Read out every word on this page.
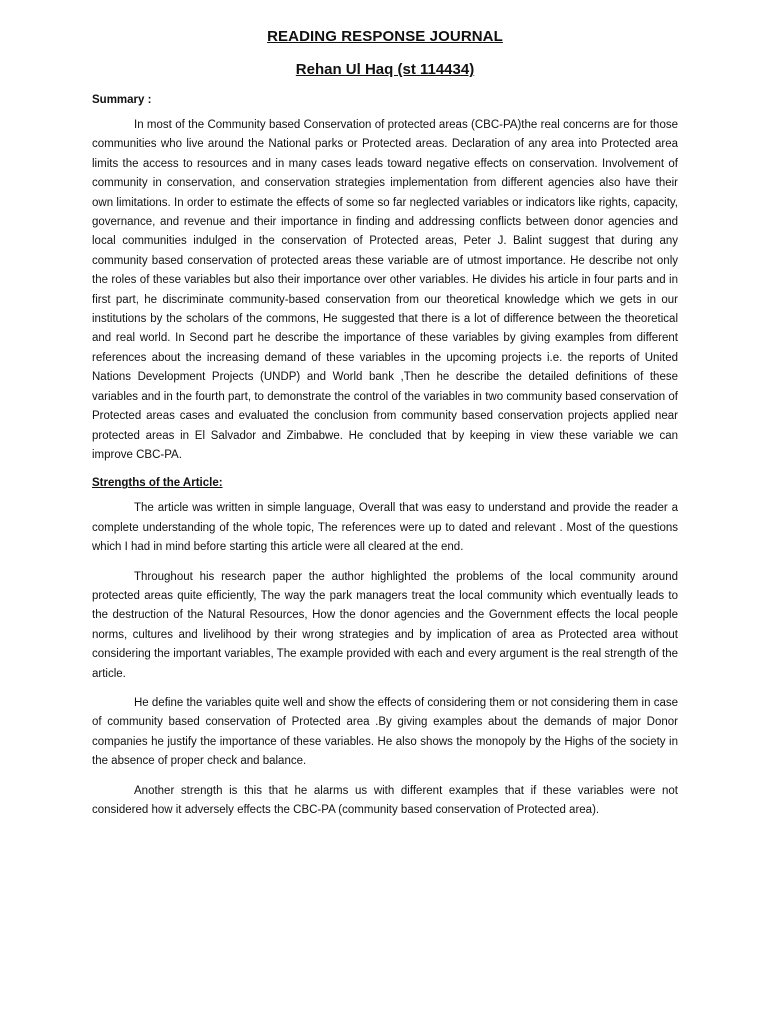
READING RESPONSE JOURNAL
Rehan Ul Haq (st 114434)
Summary :

In most of the Community based Conservation of protected areas (CBC-PA)the real concerns are for those communities who live around the National parks or Protected areas. Declaration of any area into Protected area limits the access to resources and in many cases leads toward negative effects on conservation. Involvement of community in conservation, and conservation strategies implementation from different agencies also have their own limitations. In order to estimate the effects of some so far neglected variables or indicators like rights, capacity, governance, and revenue and their importance in finding and addressing conflicts between donor agencies and local communities indulged in the conservation of Protected areas, Peter J. Balint suggest that during any community based conservation of protected areas these variable are of utmost importance. He describe not only the roles of these variables but also their importance over other variables. He divides his article in four parts and in first part, he discriminate community-based conservation from our theoretical knowledge which we gets in our institutions by the scholars of the commons, He suggested that there is a lot of difference between the theoretical and real world. In Second part he describe the importance of these variables by giving examples from different references about the increasing demand of these variables in the upcoming projects i.e. the reports of United Nations Development Projects (UNDP) and World bank ,Then he describe the detailed definitions of these variables and in the fourth part, to demonstrate the control of the variables in two community based conservation of Protected areas cases and evaluated the conclusion from community based conservation projects applied near protected areas in El Salvador and Zimbabwe. He concluded that by keeping in view these variable we can improve CBC-PA.

Strengths of the Article:

The article was written in simple language, Overall that was easy to understand and provide the reader a complete understanding of the whole topic, The references were up to dated and relevant . Most of the questions which I had in mind before starting this article were all cleared at the end.

Throughout his research paper the author highlighted the problems of the local community around protected areas quite efficiently, The way the park managers treat the local community which eventually leads to the destruction of the Natural Resources, How the donor agencies and the Government effects the local people norms, cultures and livelihood by their wrong strategies and by implication of area as Protected area without considering the important variables, The example provided with each and every argument is the real strength of the article.

He define the variables quite well and show the effects of considering them or not considering them in case of community based conservation of Protected area .By giving examples about the demands of major Donor companies he justify the importance of these variables. He also shows the monopoly by the Highs of the society in the absence of proper check and balance.

Another strength is this that he alarms us with different examples that if these variables were not considered how it adversely effects the CBC-PA (community based conservation of Protected area).
